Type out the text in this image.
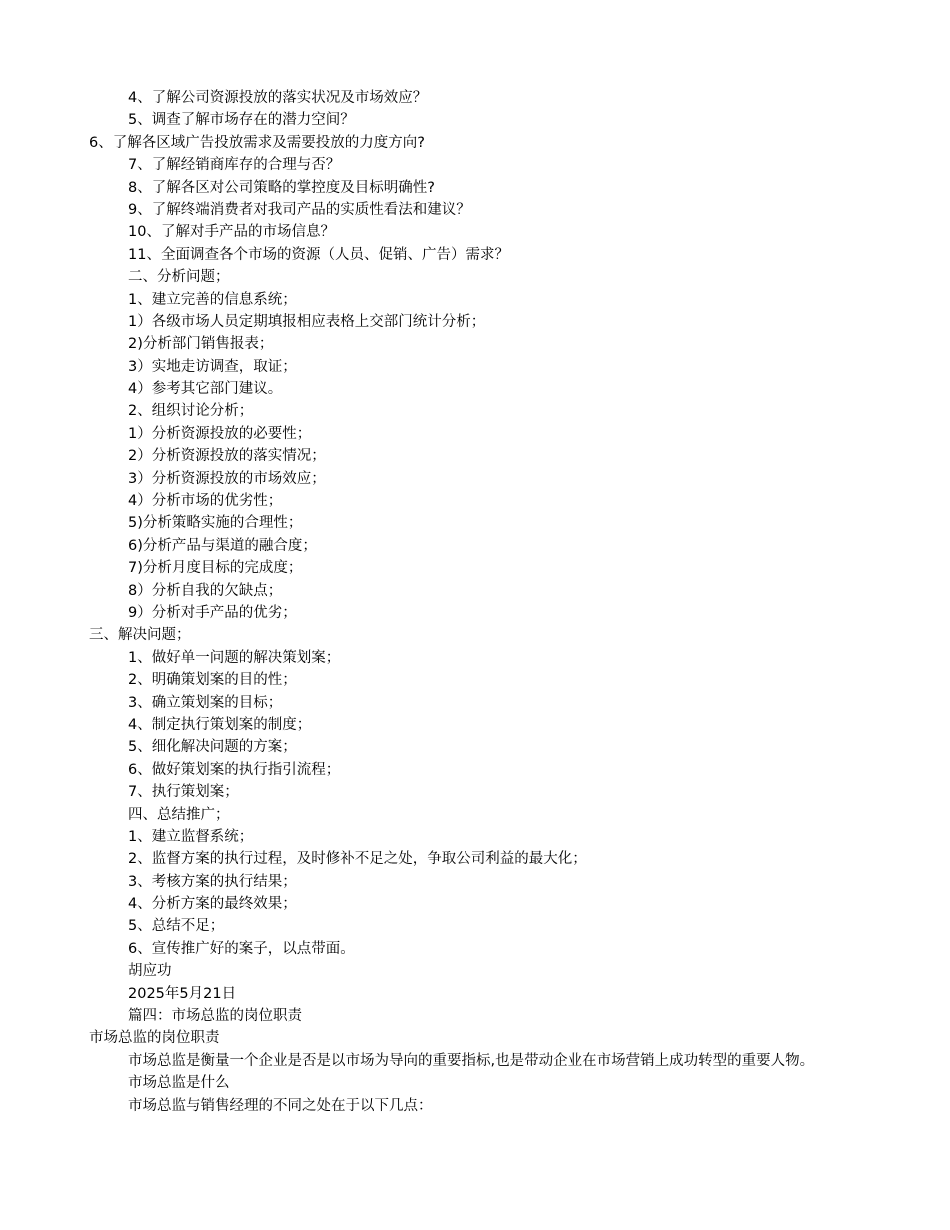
4、了解公司资源投放的落实状况及市场效应？
5、调查了解市场存在的潜力空间？
6、了解各区域广告投放需求及需要投放的力度方向?
7、了解经销商库存的合理与否？
8、了解各区对公司策略的掌控度及目标明确性?
9、了解终端消费者对我司产品的实质性看法和建议？
10、了解对手产品的市场信息？
11、全面调查各个市场的资源（人员、促销、广告）需求？
二、分析问题；
1、建立完善的信息系统；
1）各级市场人员定期填报相应表格上交部门统计分析；
2)分析部门销售报表；
3）实地走访调查，取证；
4）参考其它部门建议。
2、组织讨论分析；
1）分析资源投放的必要性；
2）分析资源投放的落实情况；
3）分析资源投放的市场效应；
4）分析市场的优劣性；
5)分析策略实施的合理性；
6)分析产品与渠道的融合度；
7)分析月度目标的完成度；
8）分析自我的欠缺点；
9）分析对手产品的优劣；
三、解决问题；
1、做好单一问题的解决策划案；
2、明确策划案的目的性；
3、确立策划案的目标；
4、制定执行策划案的制度；
5、细化解决问题的方案；
6、做好策划案的执行指引流程；
7、执行策划案；
四、总结推广；
1、建立监督系统；
2、监督方案的执行过程，及时修补不足之处，争取公司利益的最大化；
3、考核方案的执行结果；
4、分析方案的最终效果；
5、总结不足；
6、宣传推广好的案子，以点带面。
胡应功
2025年5月21日
篇四：市场总监的岗位职责
市场总监的岗位职责
市场总监是衡量一个企业是否是以市场为导向的重要指标,也是带动企业在市场营销上成功转型的重要人物。
市场总监是什么
市场总监与销售经理的不同之处在于以下几点：
